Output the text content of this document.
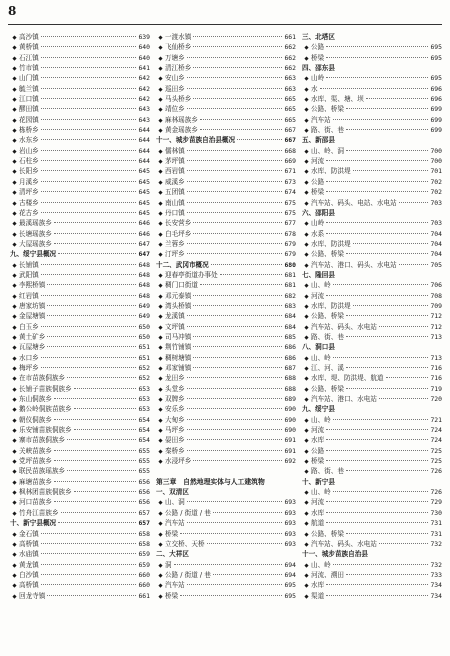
8
◆ 高沙镇	639
◆ 黄桥镇	640
◆ 石江镇	640
◆ 竹市镇	641
◆ 山门镇	642
◆ 毓兰镇	642
◆ 江口镇	642
◆ 醪田镇	643
◆ 花园镇	643
◆ 栋桥乡	644
◆ 水东乡	644
◆ 岩山乡	644
◆ 石柱乡	644
◆ 长阳乡	645
◆ 月溪乡	645
◆ 清坪乡	645
◆ 古楼乡	645
◆ 花古乡	645
◆ 最溪瑶族乡	646
◆ 长塘瑶族乡	646
◆ 大屋瑶族乡	647
九、绥宁县概况	647
◆ 长铺镇	648
◆ 武阳镇	648
◆ 李熙桥镇	648
◆ 红岩镇	648
◆ 唐家坊镇	649
◆ 金屋塘镇	649
◆ 白玉乡	650
◆ 黄土矿乡	650
◆ 瓦屋塘乡	651
◆ 水口乡	651
◆ 梅坪乡	652
◆ 在市苗族侗族乡	652
◆ 长铺子苗族侗族乡	653
◆ 东山侗族乡	653
◆ 鹅公岭侗族苗族乡	653
◆ 朝仪侗族乡	654
◆ 乐安铺苗族侗族乡	654
◆ 寨市苗族侗族乡	654
◆ 关峡苗族乡	655
◆ 党坪苗族乡	655
◆ 联民苗族瑶族乡	655
◆ 麻塘苗族乡	656
◆ 枫林团苗族侗族乡	656
◆ 河口苗族乡	656
◆ 竹舟江苗族乡	657
十、新宁县概况	657
◆ 金石镇	658
◆ 高桥镇	658
◆ 水庙镇	659
◆ 黄龙镇	659
◆ 白沙镇	660
◆ 高桥镇	660
◆ 回龙寺镇	661
◆ 一渡水镇	661
◆ 飞仙桥乡	662
◆ 万塘乡	662
◆ 清江桥乡	662
◆ 安山乡	663
◆ 巡田乡	663
◆ 马头桥乡	665
◆ 靖位乡	665
◆ 麻林瑶族乡	665
◆ 黄金瑶族乡	667
十一、城步苗族自治县概况	667
◆ 儒林镇	668
◆ 茅坪镇	669
◆ 西岩镇	671
◆ 威溪乡	673
◆ 五团镇	674
◆ 南山镇	675
◆ 丹口镇	675
◆ 长安营乡	677
◆ 白毛坪乡	678
◆ 兰蓉乡	679
◆ 汀坪乡	679
十二、武冈市概况	680
◆ 迎春亭街道办事处	681
◆ 稠门口街道	681
◆ 邓元泰镇	682
◆ 湾头桥镇	683
◆ 龙溪镇	684
◆ 文坪镇	684
◆ 司马冲镇	685
◆ 荆竹铺镇	686
◆ 稠树塘镇	686
◆ 邓家铺镇	687
◆ 龙田乡	688
◆ 头堂乡	688
◆ 双牌乡	689
◆ 安乐乡	690
◆ 大甸乡	690
◆ 马坪乡	690
◆ 晏田乡	691
◆ 秦桥乡	691
◆ 水浸坪乡	692
第三章　自然地理实体与人工建筑物
一、双清区
◆ 山、洞	693
◆ 公路 / 街道 / 巷	693
◆ 汽车站	693
◆ 桥梁	693
◆ 立交桥、天桥	693
二、大祥区
◆ 洞	694
◆ 公路 / 街道 / 巷	694
◆ 汽车站	695
◆ 桥梁	695
三、北塔区
◆ 公路	695
◆ 桥梁	695
四、邵东县
◆ 山岭	695
◆ 水	696
◆ 水库、渠、塘、坝	696
◆ 公路、桥梁	699
◆ 汽车站	699
◆ 路、街、巷	699
五、新邵县
◆ 山、岭、洞	700
◆ 河流	700
◆ 水库、防洪堤	701
◆ 公路	702
◆ 桥梁	702
◆ 汽车站、码头、电站、水电站	703
六、邵阳县
◆ 山岭	703
◆ 水系	704
◆ 水库、防洪堤	704
◆ 公路、桥梁	704
◆ 汽车站、港口、码头、水电站	705
七、隆回县
◆ 山、岭	706
◆ 河流	708
◆ 水库、防洪堤	709
◆ 公路、桥梁	712
◆ 汽车站、码头、水电站	712
◆ 路、街、巷	713
八、洞口县
◆ 山、岭	713
◆ 江、河、溪	716
◆ 水库、堤、防洪堤、航道	716
◆ 公路、桥梁	719
◆ 汽车站、港口、水电站	720
九、绥宁县
◆ 山、岭	721
◆ 河流	724
◆ 水库	724
◆ 公路	725
◆ 桥梁	725
◆ 路、街、巷	726
十、新宁县
◆ 山、岭	726
◆ 河流	729
◆ 水库	730
◆ 航道	731
◆ 公路、桥梁	731
◆ 汽车站、码头、水电站	732
十一、城步苗族自治县
◆ 山、岭	732
◆ 河流、溯田	733
◆ 水库	734
◆ 渠道	734
